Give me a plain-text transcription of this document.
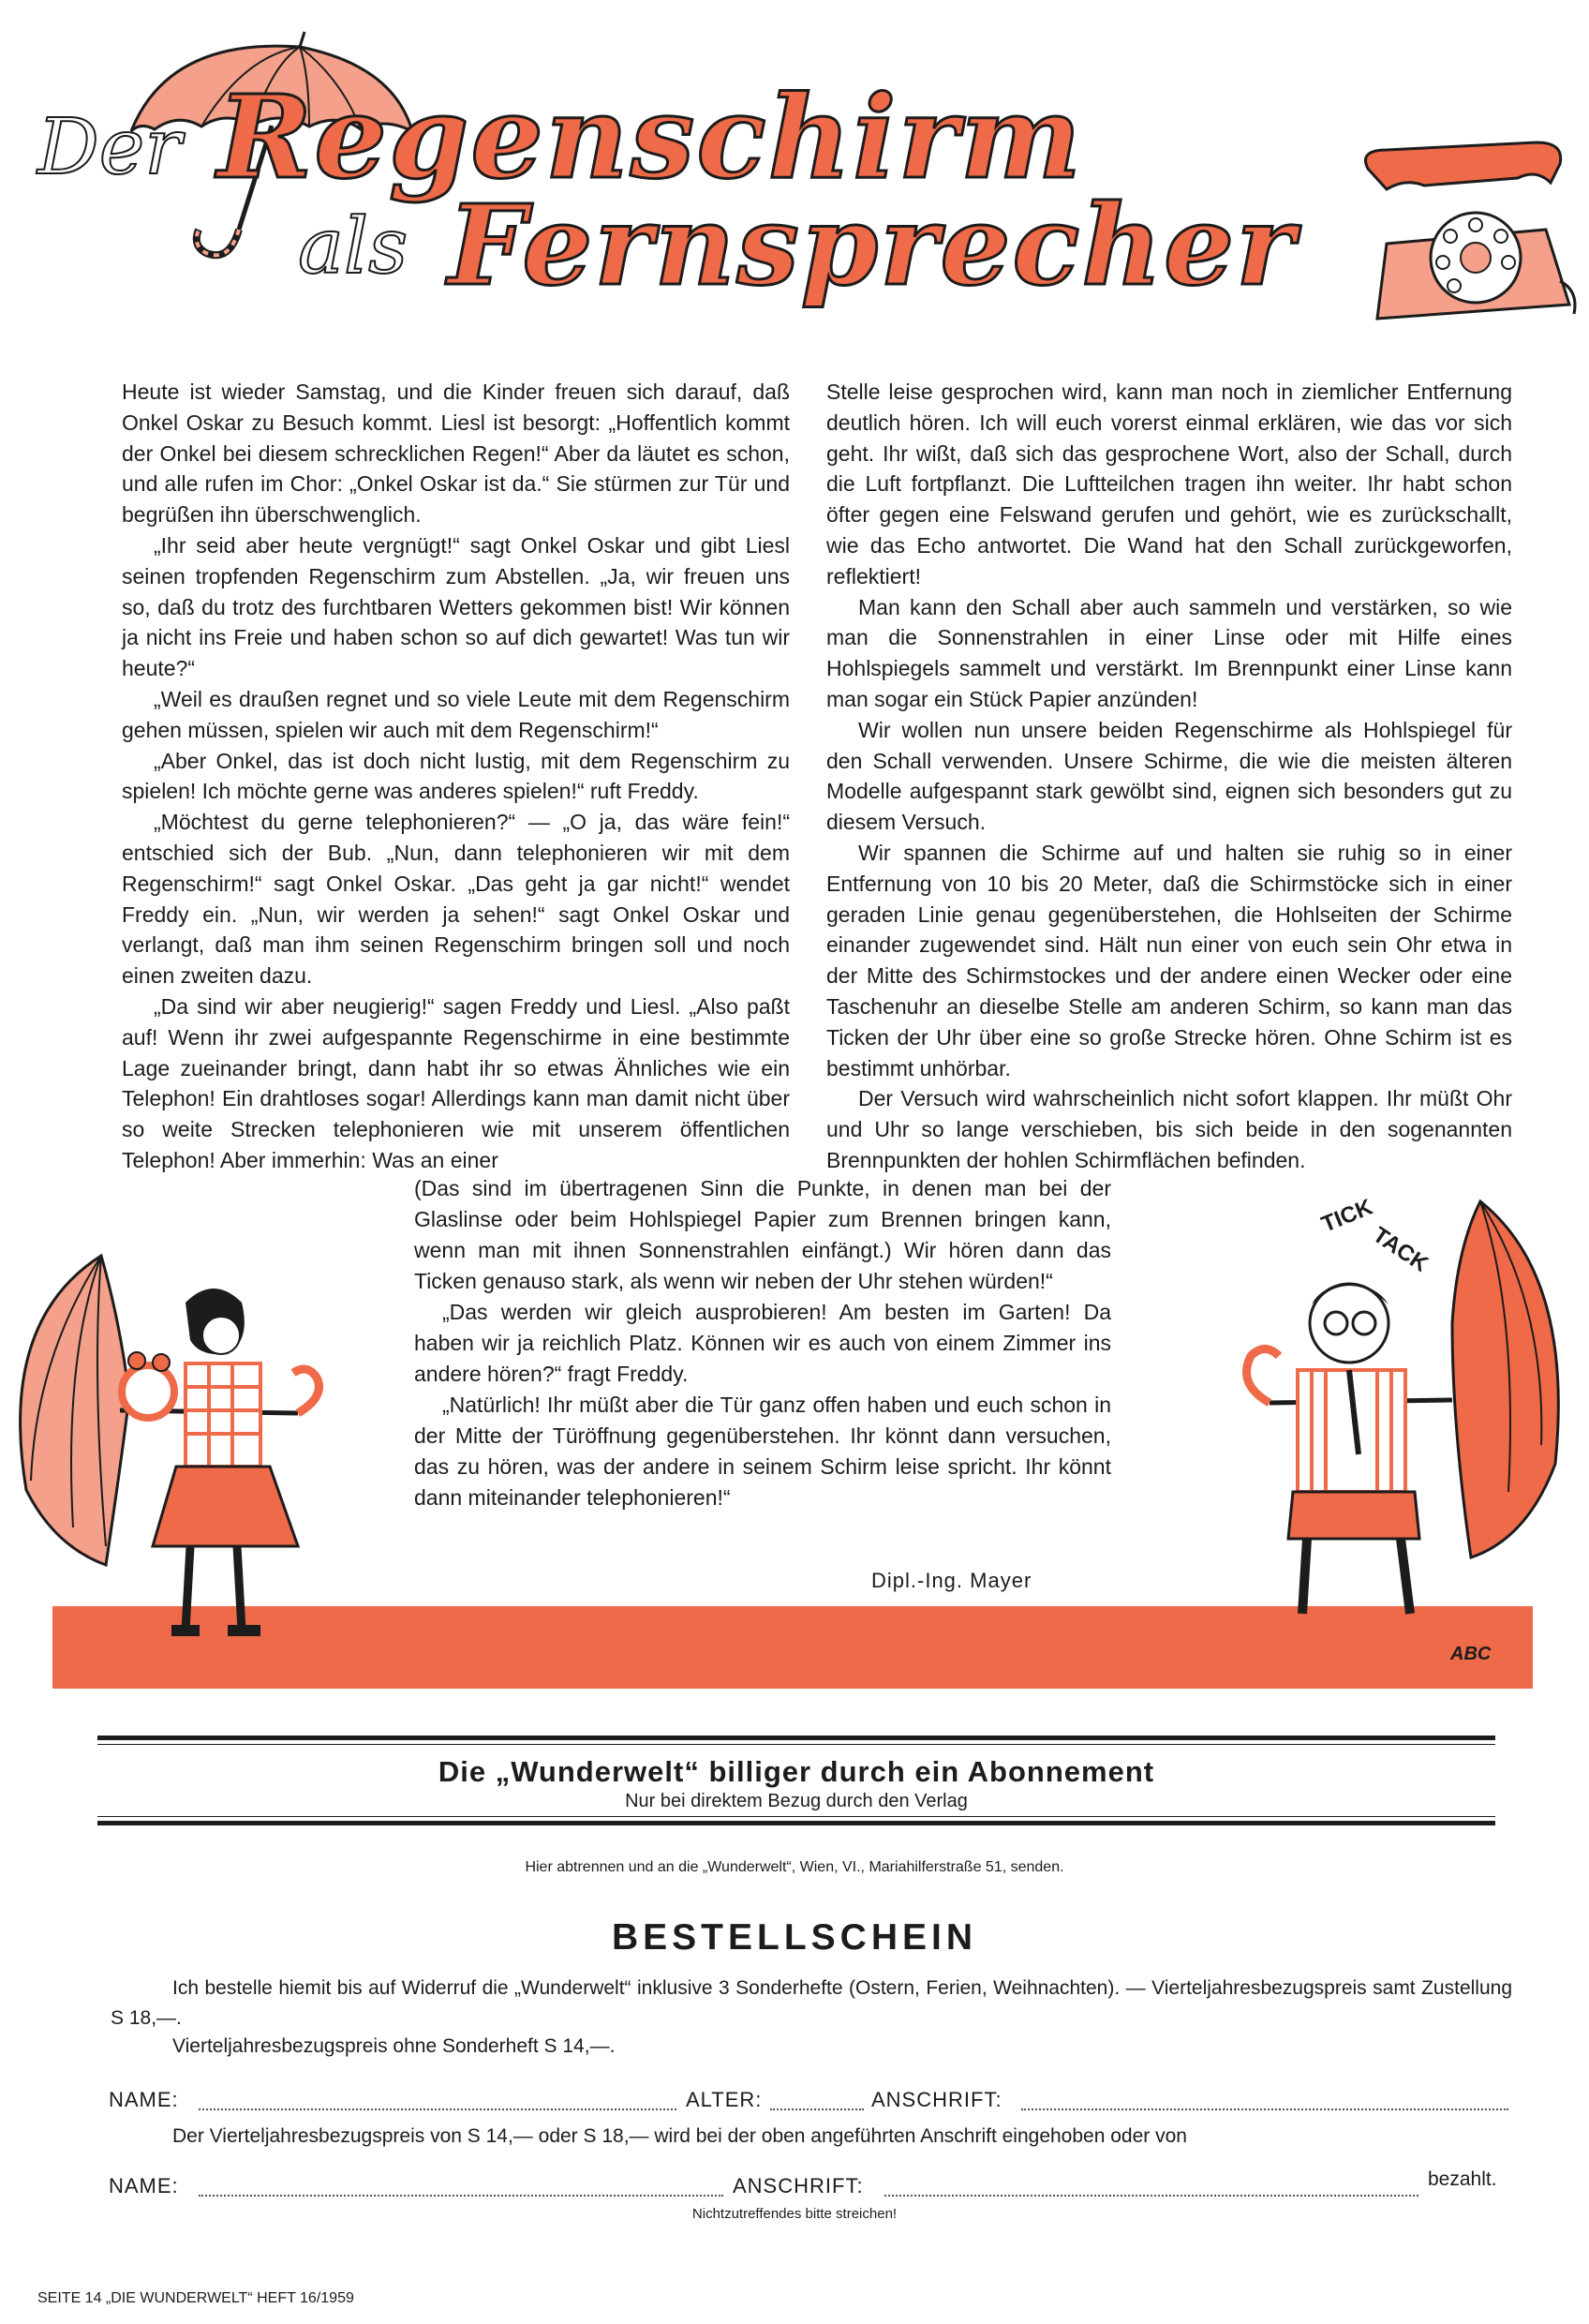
Der Regenschirm
als Fernsprecher

Heute ist wieder Samstag, und die Kinder freuen sich darauf, daß Onkel Oskar zu Besuch kommt. Liesl ist besorgt: „Hoffentlich kommt der Onkel bei diesem schrecklichen Regen!“ Aber da läutet es schon, und alle rufen im Chor: „Onkel Oskar ist da.“ Sie stürmen zur Tür und begrüßen ihn überschwenglich.

„Ihr seid aber heute vergnügt!“ sagt Onkel Oskar und gibt Liesl seinen tropfenden Regenschirm zum Abstellen. „Ja, wir freuen uns so, daß du trotz des furchtbaren Wetters gekommen bist! Wir können ja nicht ins Freie und haben schon so auf dich gewartet! Was tun wir heute?“

„Weil es draußen regnet und so viele Leute mit dem Regenschirm gehen müssen, spielen wir auch mit dem Regenschirm!“

„Aber Onkel, das ist doch nicht lustig, mit dem Regenschirm zu spielen! Ich möchte gerne was anderes spielen!“ ruft Freddy.

„Möchtest du gerne telephonieren?“ — „O ja, das wäre fein!“ entschied sich der Bub. „Nun, dann telephonieren wir mit dem Regenschirm!“ sagt Onkel Oskar. „Das geht ja gar nicht!“ wendet Freddy ein. „Nun, wir werden ja sehen!“ sagt Onkel Oskar und verlangt, daß man ihm seinen Regenschirm bringen soll und noch einen zweiten dazu.

„Da sind wir aber neugierig!“ sagen Freddy und Liesl. „Also paßt auf! Wenn ihr zwei aufgespannte Regenschirme in eine bestimmte Lage zueinander bringt, dann habt ihr so etwas Ähnliches wie ein Telephon! Ein drahtloses sogar! Allerdings kann man damit nicht über so weite Strecken telephonieren wie mit unserem öffentlichen Telephon! Aber immerhin: Was an einer

Stelle leise gesprochen wird, kann man noch in ziemlicher Entfernung deutlich hören. Ich will euch vorerst einmal erklären, wie das vor sich geht. Ihr wißt, daß sich das gesprochene Wort, also der Schall, durch die Luft fortpflanzt. Die Luftteilchen tragen ihn weiter. Ihr habt schon öfter gegen eine Felswand gerufen und gehört, wie es zurückschallt, wie das Echo antwortet. Die Wand hat den Schall zurückgeworfen, reflektiert!

Man kann den Schall aber auch sammeln und verstärken, so wie man die Sonnenstrahlen in einer Linse oder mit Hilfe eines Hohlspiegels sammelt und verstärkt. Im Brennpunkt einer Linse kann man sogar ein Stück Papier anzünden!

Wir wollen nun unsere beiden Regenschirme als Hohlspiegel für den Schall verwenden. Unsere Schirme, die wie die meisten älteren Modelle aufgespannt stark gewölbt sind, eignen sich besonders gut zu diesem Versuch.

Wir spannen die Schirme auf und halten sie ruhig so in einer Entfernung von 10 bis 20 Meter, daß die Schirmstöcke sich in einer geraden Linie genau gegenüberstehen, die Hohlseiten der Schirme einander zugewendet sind. Hält nun einer von euch sein Ohr etwa in der Mitte des Schirmstockes und der andere einen Wecker oder eine Taschenuhr an dieselbe Stelle am anderen Schirm, so kann man das Ticken der Uhr über eine so große Strecke hören. Ohne Schirm ist es bestimmt unhörbar.

Der Versuch wird wahrscheinlich nicht sofort klappen. Ihr müßt Ohr und Uhr so lange verschieben, bis sich beide in den sogenannten Brennpunkten der hohlen Schirmflächen befinden.

(Das sind im übertragenen Sinn die Punkte, in denen man bei der Glaslinse oder beim Hohlspiegel Papier zum Brennen bringen kann, wenn man mit ihnen Sonnenstrahlen einfängt.) Wir hören dann das Ticken genauso stark, als wenn wir neben der Uhr stehen würden!“

„Das werden wir gleich ausprobieren! Am besten im Garten! Da haben wir ja reichlich Platz. Können wir es auch von einem Zimmer ins andere hören?“ fragt Freddy.

„Natürlich! Ihr müßt aber die Tür ganz offen haben und euch schon in der Mitte der Türöffnung gegenüberstehen. Ihr könnt dann versuchen, das zu hören, was der andere in seinem Schirm leise spricht. Ihr könnt dann miteinander telephonieren!“

Dipl.-Ing. Mayer
TICK
TACK
ABC
Die „Wunderwelt“ billiger durch ein Abonnement
Nur bei direktem Bezug durch den Verlag
Hier abtrennen und an die „Wunderwelt“, Wien, VI., Mariahilferstraße 51, senden.
BESTELLSCHEIN
Ich bestelle hiemit bis auf Widerruf die „Wunderwelt“ inklusive 3 Sonderhefte (Ostern, Ferien, Weihnachten). — Vierteljahresbezugspreis samt Zustellung S 18,—.
Vierteljahresbezugspreis ohne Sonderheft S 14,—.
NAME:	ALTER:	ANSCHRIFT:
Der Vierteljahresbezugspreis von S 14,— oder S 18,— wird bei der oben angeführten Anschrift eingehoben oder von
NAME:	ANSCHRIFT:	bezahlt.
Nichtzutreffendes bitte streichen!
SEITE 14 „DIE WUNDERWELT“ HEFT 16/1959
